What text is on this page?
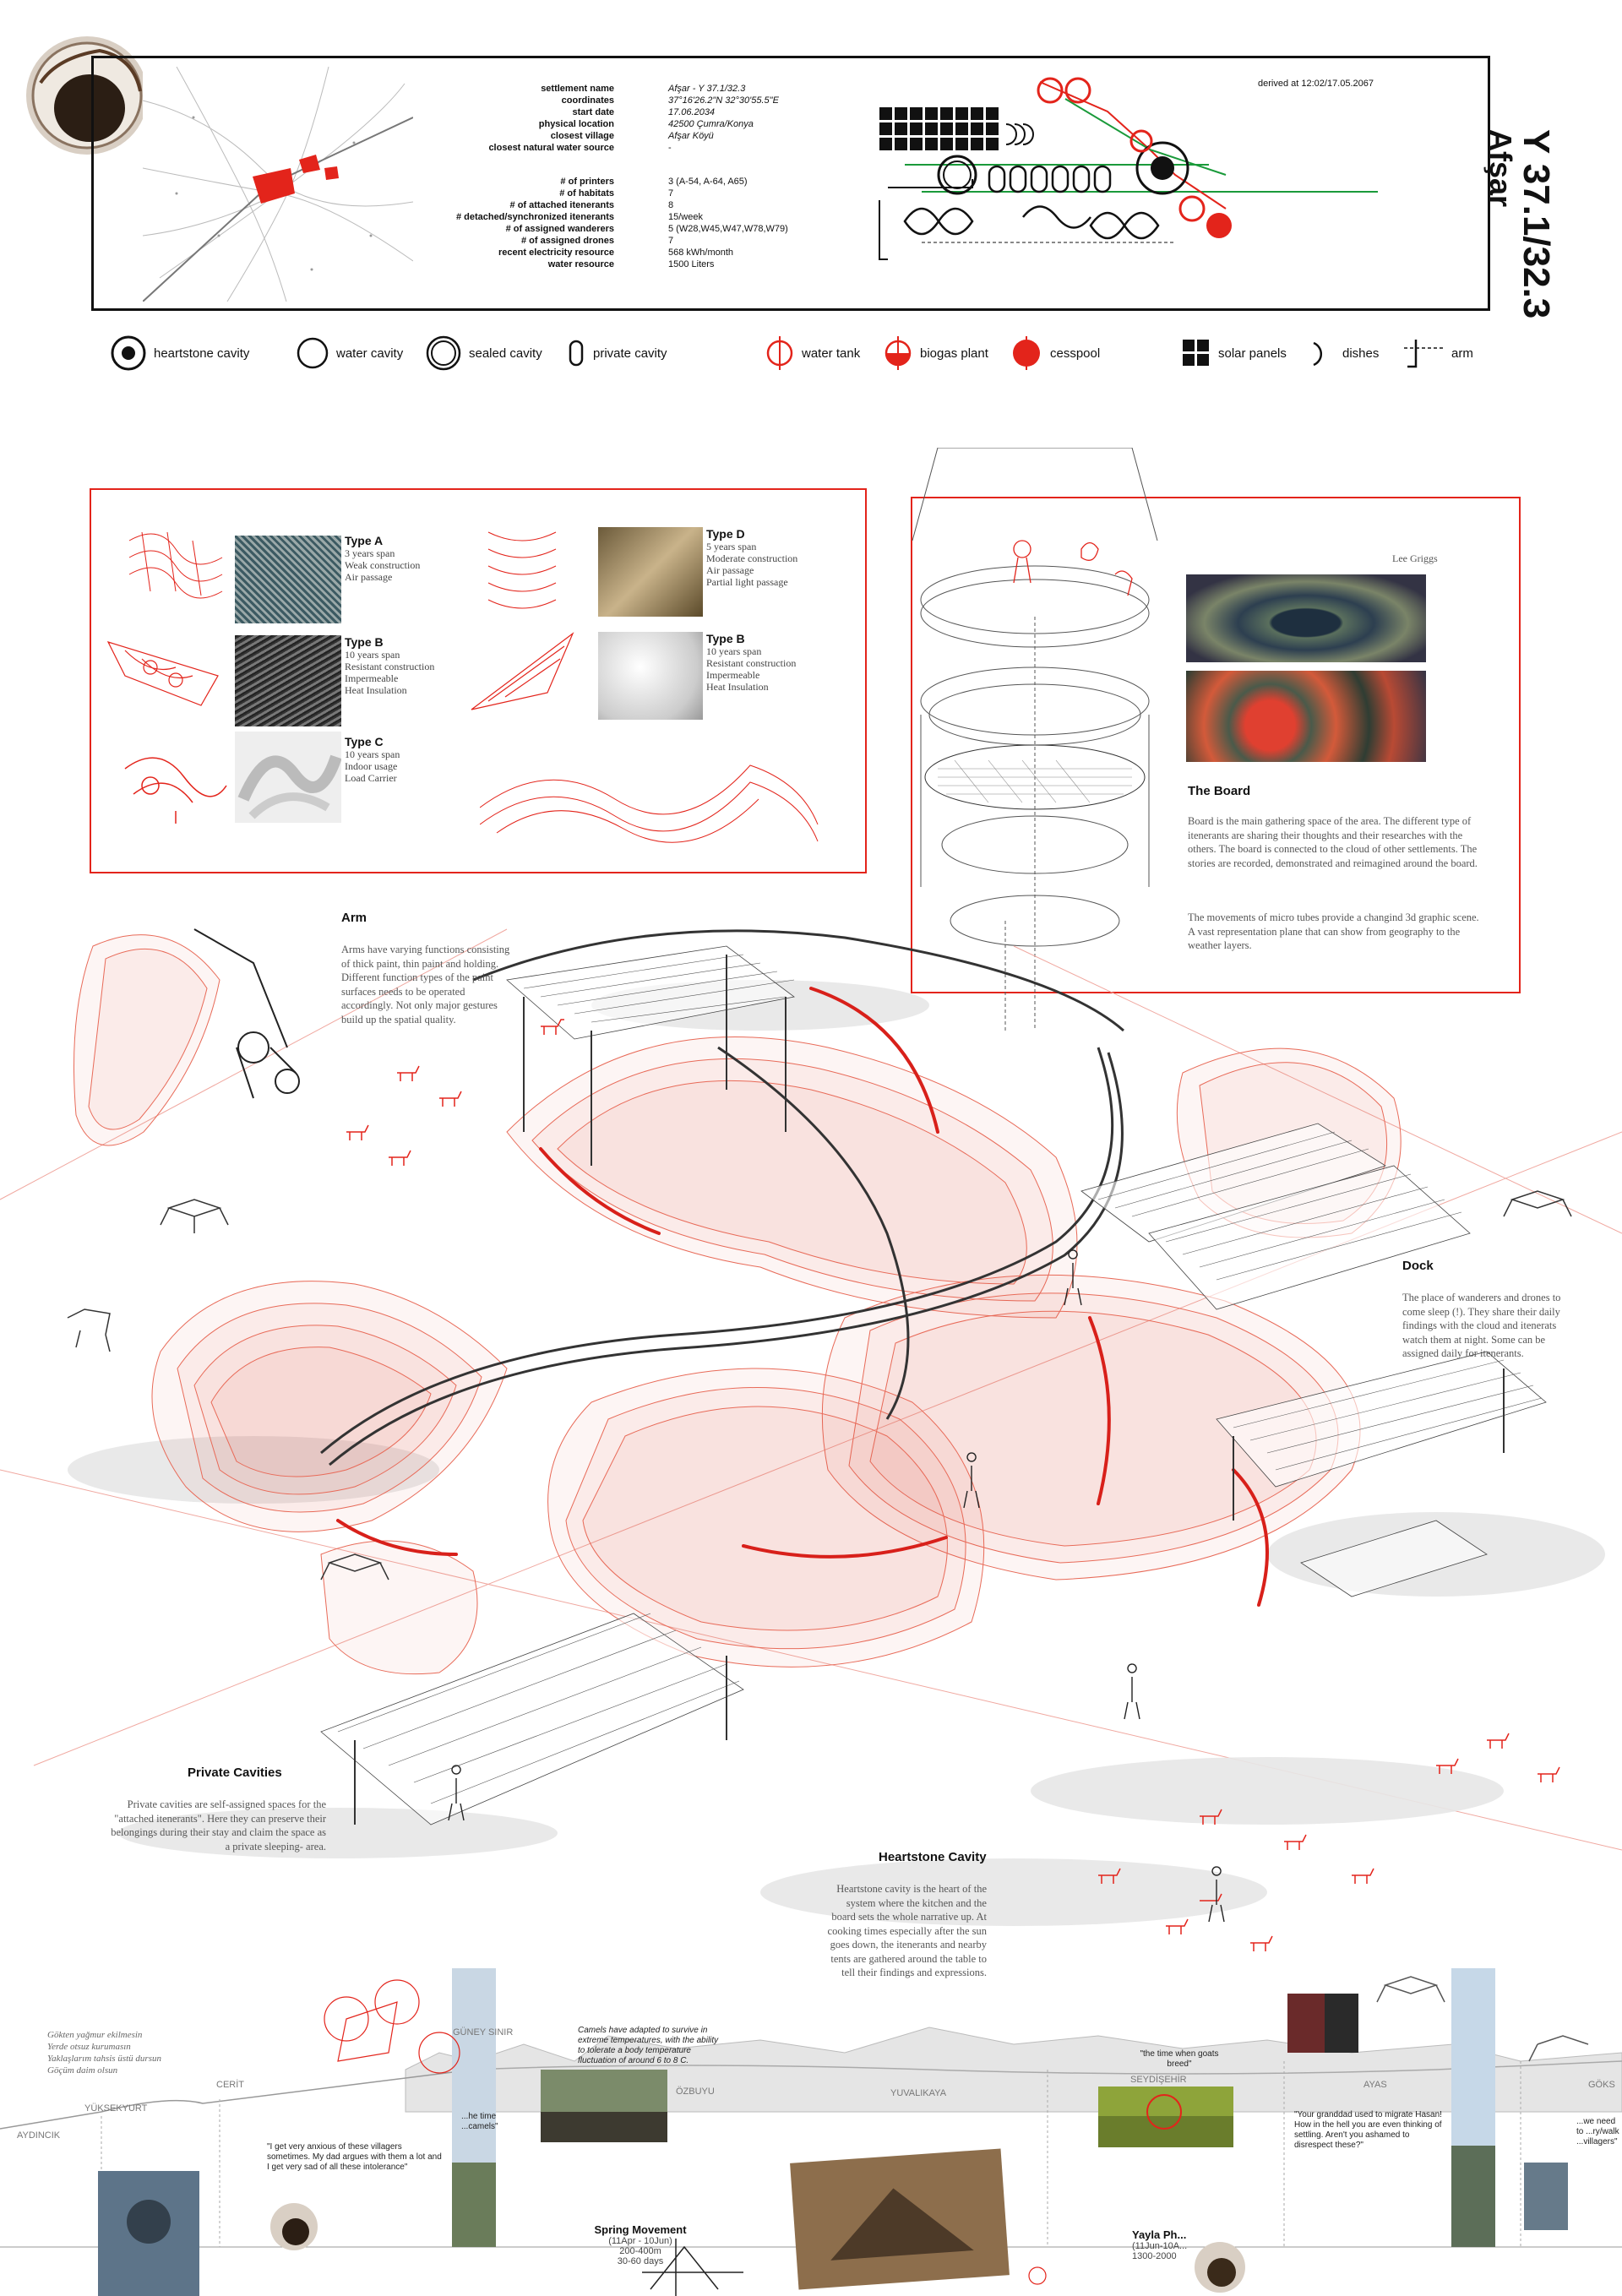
settlement name	Afşar - Y 37.1/32.3
coordinates	37°16'26.2"N 32°30'55.5"E
start date	17.06.2034
physical location	42500 Çumra/Konya
closest village	Afşar Köyü
closest natural water source	-
# of printers	3 (A-54, A-64, A65)
# of habitats	7
# of attached itenerants	8
# detached/synchronized itenerants	15/week
# of assigned wanderers	5 (W28,W45,W47,W78,W79)
# of assigned drones	7
recent electricity resource	568 kWh/month
water resource	1500 Liters
derived at 12:02/17.05.2067
Y 37.1/32.3
Afşar
heartstone cavity	water cavity	sealed cavity	private cavity	water tank	biogas plant	cesspool	solar panels	dishes	arm
Type A
3 years span
Weak construction
Air passage
Type B
10 years span
Resistant construction
Impermeable
Heat Insulation
Type C
10 years span
Indoor usage
Load Carrier
Type D
5 years span
Moderate construction
Air passage
Partial light passage
Type B
10 years span
Resistant construction
Impermeable
Heat Insulation
Lee Griggs
The Board
Board is the main gathering space of the area. The different type of itenerants are sharing their thoughts and their researches with the others. The board is connected to the cloud of other settlements. The stories are recorded, demonstrated and reimagined around the board.
The movements of micro tubes provide a changind 3d graphic scene. A vast representation plane that can show from geography to the weather layers.
Arm
Arms have varying functions consisting of thick paint, thin paint and holding. Different function types of the paint surfaces needs to be operated accordingly. Not only major gestures build up the spatial quality.
Dock
The place of wanderers and drones to come sleep (!). They share their daily findings with the cloud and itenerats watch them at night. Some can be assigned daily for itenerants.
Private Cavities
Private cavities are self-assigned spaces for the "attached itenerants". Here they can preserve their belongings during their stay and claim the space as a private sleeping- area.
Heartstone Cavity
Heartstone cavity is the heart of the system where the kitchen and the board sets the whole narrative up. At cooking times especially after the sun goes down, the itenerants and nearby tents are gathered around the table to tell their findings and expressions.
Gökten yağmur ekilmesin
Yerde otsuz kurumasın
Yaklaşlarım tahsis üstü dursun
Göçüm daim olsun
AYDINCIK
YÜKSEKYURT
CERİT
GÜNEY SINIR
ÖZBUYU	YUVALIKAYA
SEYDİŞEHİR	AYAS	GÖKS
Camels have adapted to survive in extreme temperatures, with the ability to tolerate a body temperature fluctuation of around 6 to 8 C.
"I get very anxious of these villagers sometimes. My dad argues with them a lot and I get very sad of all these intolerance"
"the time when goats breed"
"Your granddad used to migrate Hasan! How in the hell you are even thinking of settling. Aren't you ashamed to disrespect these?"
...we need to ...ry/walk ...villagers"
...he time ...camels"
Spring Movement
(11Apr - 10Jun)
200-400m
30-60 days
Yayla Ph...
(11Jun-10A...
1300-2000
